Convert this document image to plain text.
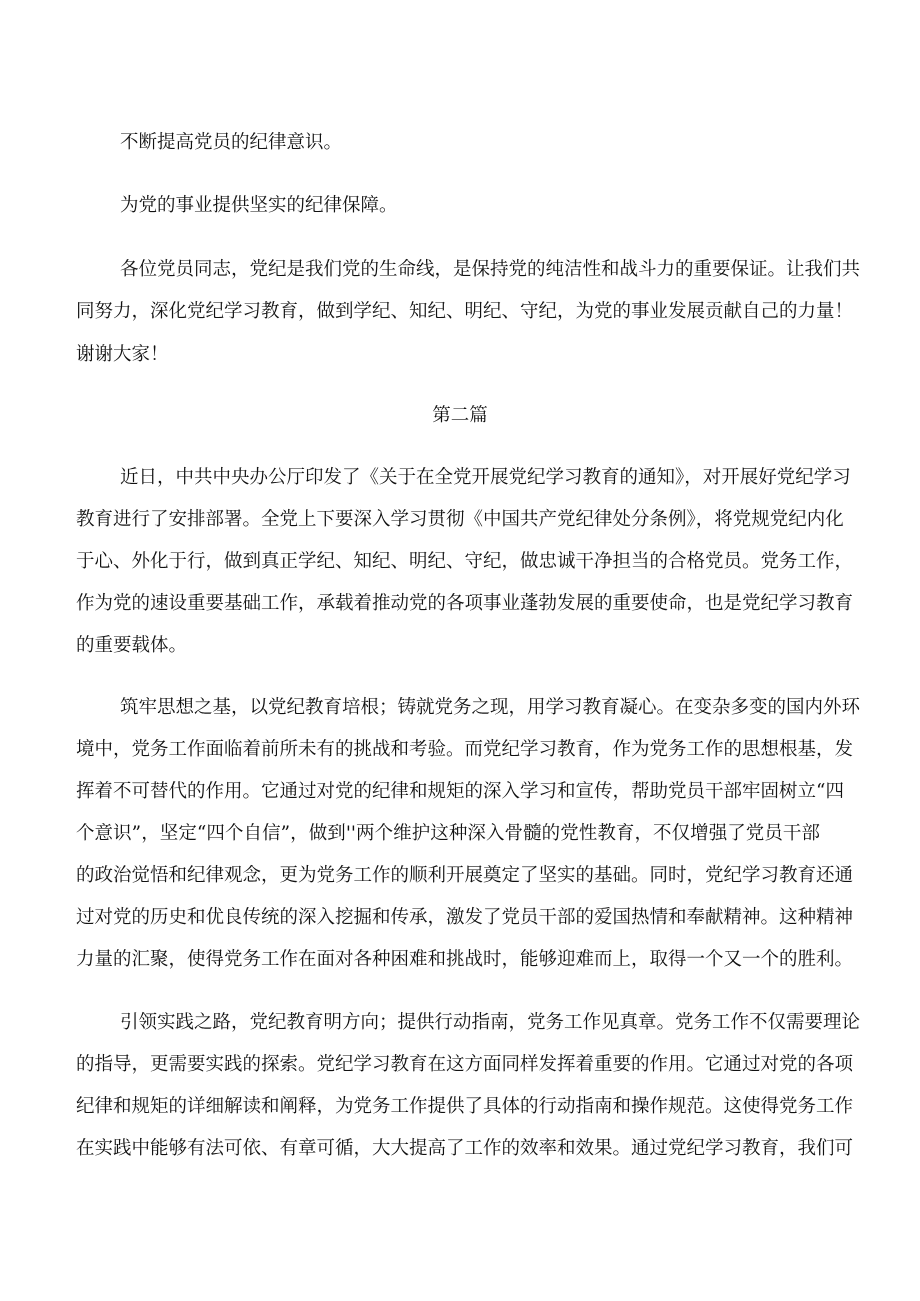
不断提高党员的纪律意识。
为党的事业提供坚实的纪律保障。
各位党员同志，党纪是我们党的生命线，是保持党的纯洁性和战斗力的重要保证。让我们共
同努力，深化党纪学习教育，做到学纪、知纪、明纪、守纪，为党的事业发展贡献自己的力量！
谢谢大家！
第二篇
近日，中共中央办公厅印发了《关于在全党开展党纪学习教育的通知》，对开展好党纪学习
教育进行了安排部署。全党上下要深入学习贯彻《中国共产党纪律处分条例》，将党规党纪内化
于心、外化于行，做到真正学纪、知纪、明纪、守纪，做忠诚干净担当的合格党员。党务工作，
作为党的速设重要基础工作，承载着推动党的各项事业蓬勃发展的重要使命，也是党纪学习教育
的重要载体。
筑牢思想之基，以党纪教育培根；铸就党务之现，用学习教育凝心。在变杂多变的国内外环
境中，党务工作面临着前所未有的挑战和考验。而党纪学习教育，作为党务工作的思想根基，发
挥着不可替代的作用。它通过对党的纪律和规矩的深入学习和宣传，帮助党员干部牢固树立“四
个意识”，坚定“四个自信”，做到''两个维护这种深入骨髓的党性教育，不仅增强了党员干部
的政治觉悟和纪律观念，更为党务工作的顺利开展奠定了坚实的基础。同时，党纪学习教育还通
过对党的历史和优良传统的深入挖掘和传承，激发了党员干部的爱国热情和奉献精神。这种精神
力量的汇聚，使得党务工作在面对各种困难和挑战时，能够迎难而上，取得一个又一个的胜利。
引领实践之路，党纪教育明方向；提供行动指南，党务工作见真章。党务工作不仅需要理论
的指导，更需要实践的探索。党纪学习教育在这方面同样发挥着重要的作用。它通过对党的各项
纪律和规矩的详细解读和阐释，为党务工作提供了具体的行动指南和操作规范。这使得党务工作
在实践中能够有法可依、有章可循，大大提高了工作的效率和效果。通过党纪学习教育，我们可
